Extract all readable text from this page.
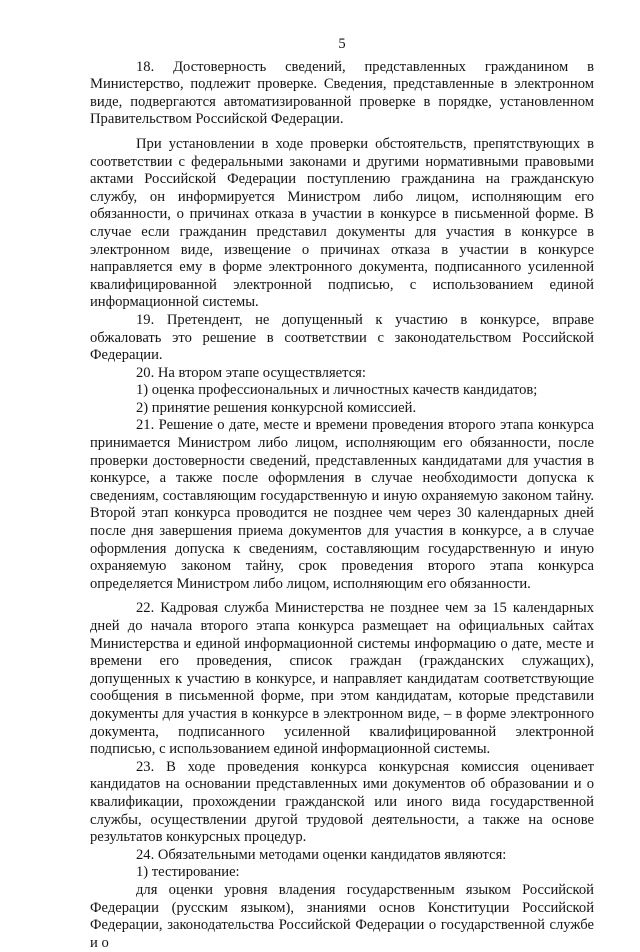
5

18. Достоверность сведений, представленных гражданином в Министерство, подлежит проверке. Сведения, представленные в электронном виде, подвергаются автоматизированной проверке в порядке, установленном Правительством Российской Федерации.

При установлении в ходе проверки обстоятельств, препятствующих в соответствии с федеральными законами и другими нормативными правовыми актами Российской Федерации поступлению гражданина на гражданскую службу, он информируется Министром либо лицом, исполняющим его обязанности, о причинах отказа в участии в конкурсе в письменной форме. В случае если гражданин представил документы для участия в конкурсе в электронном виде, извещение о причинах отказа в участии в конкурсе направляется ему в форме электронного документа, подписанного усиленной квалифицированной электронной подписью, с использованием единой информационной системы.

19. Претендент, не допущенный к участию в конкурсе, вправе обжаловать это решение в соответствии с законодательством Российской Федерации.

20. На втором этапе осуществляется:

1) оценка профессиональных и личностных качеств кандидатов;

2) принятие решения конкурсной комиссией.

21. Решение о дате, месте и времени проведения второго этапа конкурса принимается Министром либо лицом, исполняющим его обязанности, после проверки достоверности сведений, представленных кандидатами для участия в конкурсе, а также после оформления в случае необходимости допуска к сведениям, составляющим государственную и иную охраняемую законом тайну. Второй этап конкурса проводится не позднее чем через 30 календарных дней после дня завершения приема документов для участия в конкурсе, а в случае оформления допуска к сведениям, составляющим государственную и иную охраняемую законом тайну, срок проведения второго этапа конкурса определяется Министром либо лицом, исполняющим его обязанности.

22. Кадровая служба Министерства не позднее чем за 15 календарных дней до начала второго этапа конкурса размещает на официальных сайтах Министерства и единой информационной системы информацию о дате, месте и времени его проведения, список граждан (гражданских служащих), допущенных к участию в конкурсе, и направляет кандидатам соответствующие сообщения в письменной форме, при этом кандидатам, которые представили документы для участия в конкурсе в электронном виде, – в форме электронного документа, подписанного усиленной квалифицированной электронной подписью, с использованием единой информационной системы.

23. В ходе проведения конкурса конкурсная комиссия оценивает кандидатов на основании представленных ими документов об образовании и о квалификации, прохождении гражданской или иного вида государственной службы, осуществлении другой трудовой деятельности, а также на основе результатов конкурсных процедур.

24. Обязательными методами оценки кандидатов являются:

1) тестирование:

для оценки уровня владения государственным языком Российской Федерации (русским языком), знаниями основ Конституции Российской Федерации, законодательства Российской Федерации о государственной службе и о
